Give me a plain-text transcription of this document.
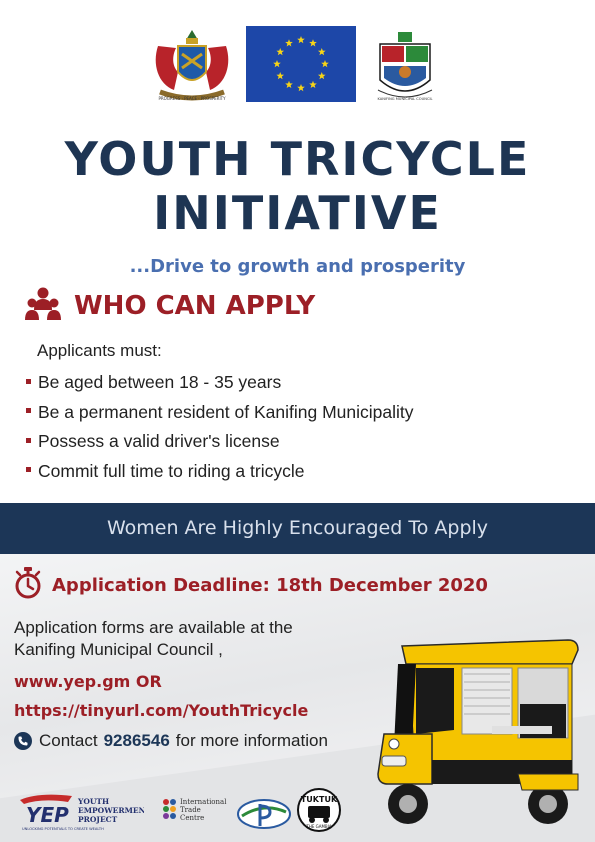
PROGRESS · PEACE · PROSPERITY	KANIFING MUNICIPAL COUNCIL
YOUTH TRICYCLE
INITIATIVE
...Drive to growth and prosperity
WHO CAN APPLY
Applicants must:
Be aged between 18 - 35 years
Be a permanent resident of Kanifing Municipality
Possess a valid driver's license
Commit full time to riding a tricycle
Women Are Highly Encouraged To Apply
Application Deadline: 18th December 2020
Application forms are available at the
Kanifing Municipal Council ,
www.yep.gm OR
https://tinyurl.com/YouthTricycle
Contact 9286546 for more information
YEP
YOUTH
EMPOWERMENT
PROJECT
UNLOCKING POTENTIALS TO CREATE WEALTH
International
Trade
Centre
TUKTUK
THE GAMBIA
